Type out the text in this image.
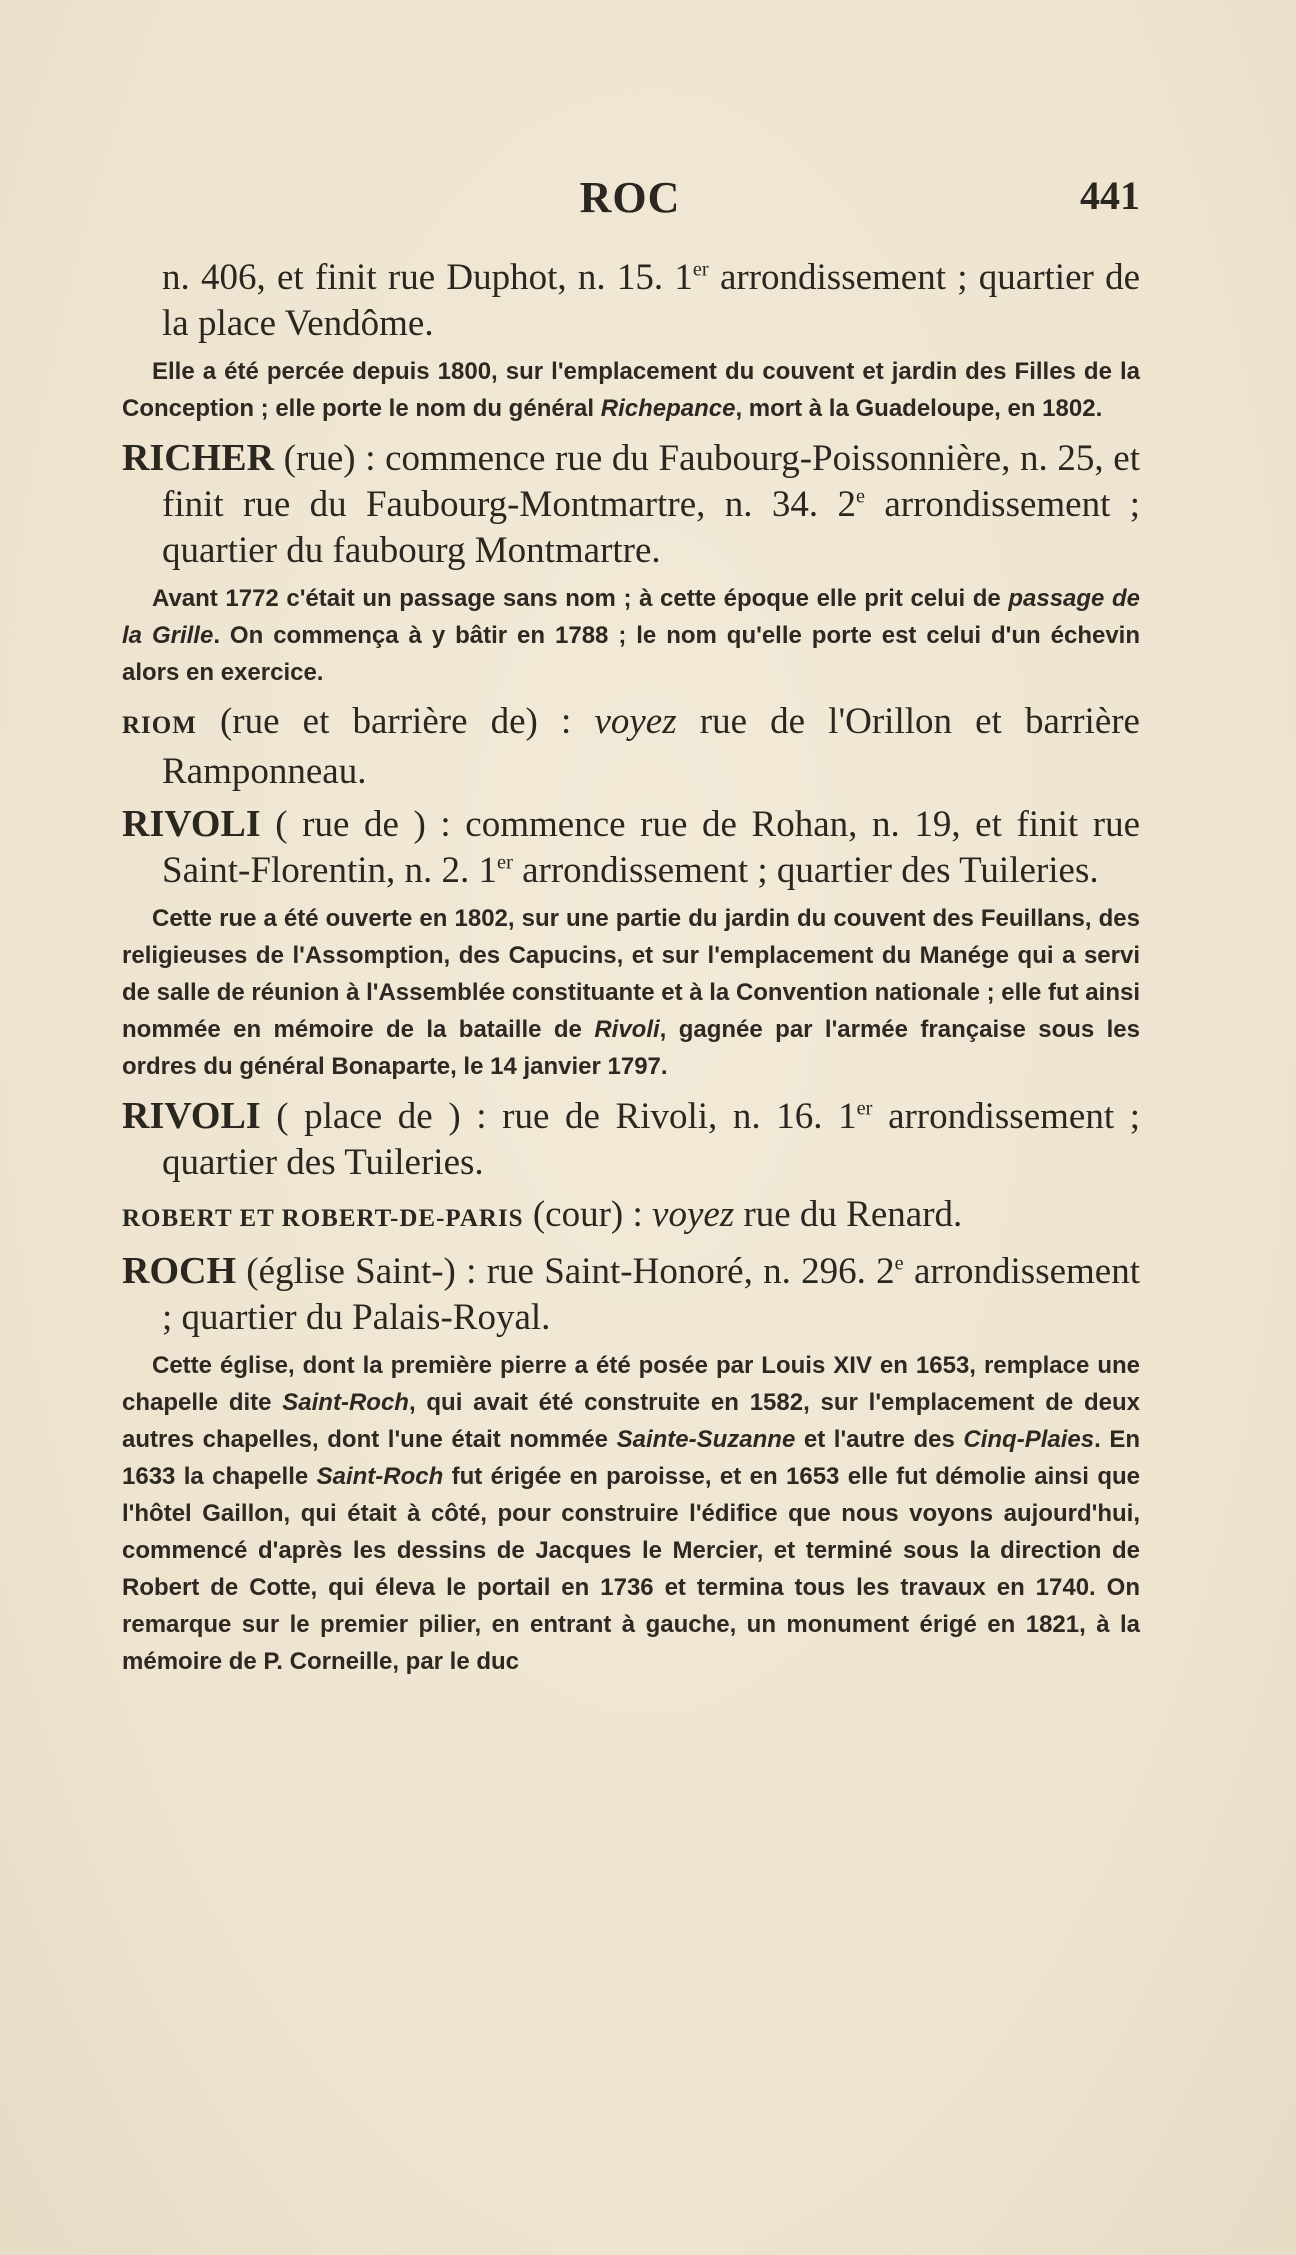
ROC	441

n. 406, et finit rue Duphot, n. 15. 1er arrondissement ; quartier de la place Vendôme.

Elle a été percée depuis 1800, sur l'emplacement du couvent et jardin des Filles de la Conception ; elle porte le nom du général Richepance, mort à la Guadeloupe, en 1802.

RICHER (rue) : commence rue du Faubourg-Poissonnière, n. 25, et finit rue du Faubourg-Montmartre, n. 34. 2e arrondissement ; quartier du faubourg Montmartre.

Avant 1772 c'était un passage sans nom ; à cette époque elle prit celui de passage de la Grille. On commença à y bâtir en 1788 ; le nom qu'elle porte est celui d'un échevin alors en exercice.

RIOM (rue et barrière de) : voyez rue de l'Orillon et barrière Ramponneau.

RIVOLI ( rue de ) : commence rue de Rohan, n. 19, et finit rue Saint-Florentin, n. 2. 1er arrondissement ; quartier des Tuileries.

Cette rue a été ouverte en 1802, sur une partie du jardin du couvent des Feuillans, des religieuses de l'Assomption, des Capucins, et sur l'emplacement du Manége qui a servi de salle de réunion à l'Assemblée constituante et à la Convention nationale ; elle fut ainsi nommée en mémoire de la bataille de Rivoli, gagnée par l'armée française sous les ordres du général Bonaparte, le 14 janvier 1797.

RIVOLI ( place de ) : rue de Rivoli, n. 16. 1er arrondissement ; quartier des Tuileries.

ROBERT ET ROBERT-DE-PARIS (cour) : voyez rue du Renard.

ROCH (église Saint-) : rue Saint-Honoré, n. 296. 2e arrondissement ; quartier du Palais-Royal.

Cette église, dont la première pierre a été posée par Louis XIV en 1653, remplace une chapelle dite Saint-Roch, qui avait été construite en 1582, sur l'emplacement de deux autres chapelles, dont l'une était nommée Sainte-Suzanne et l'autre des Cinq-Plaies. En 1633 la chapelle Saint-Roch fut érigée en paroisse, et en 1653 elle fut démolie ainsi que l'hôtel Gaillon, qui était à côté, pour construire l'édifice que nous voyons aujourd'hui, commencé d'après les dessins de Jacques le Mercier, et terminé sous la direction de Robert de Cotte, qui éleva le portail en 1736 et termina tous les travaux en 1740. On remarque sur le premier pilier, en entrant à gauche, un monument érigé en 1821, à la mémoire de P. Corneille, par le duc
